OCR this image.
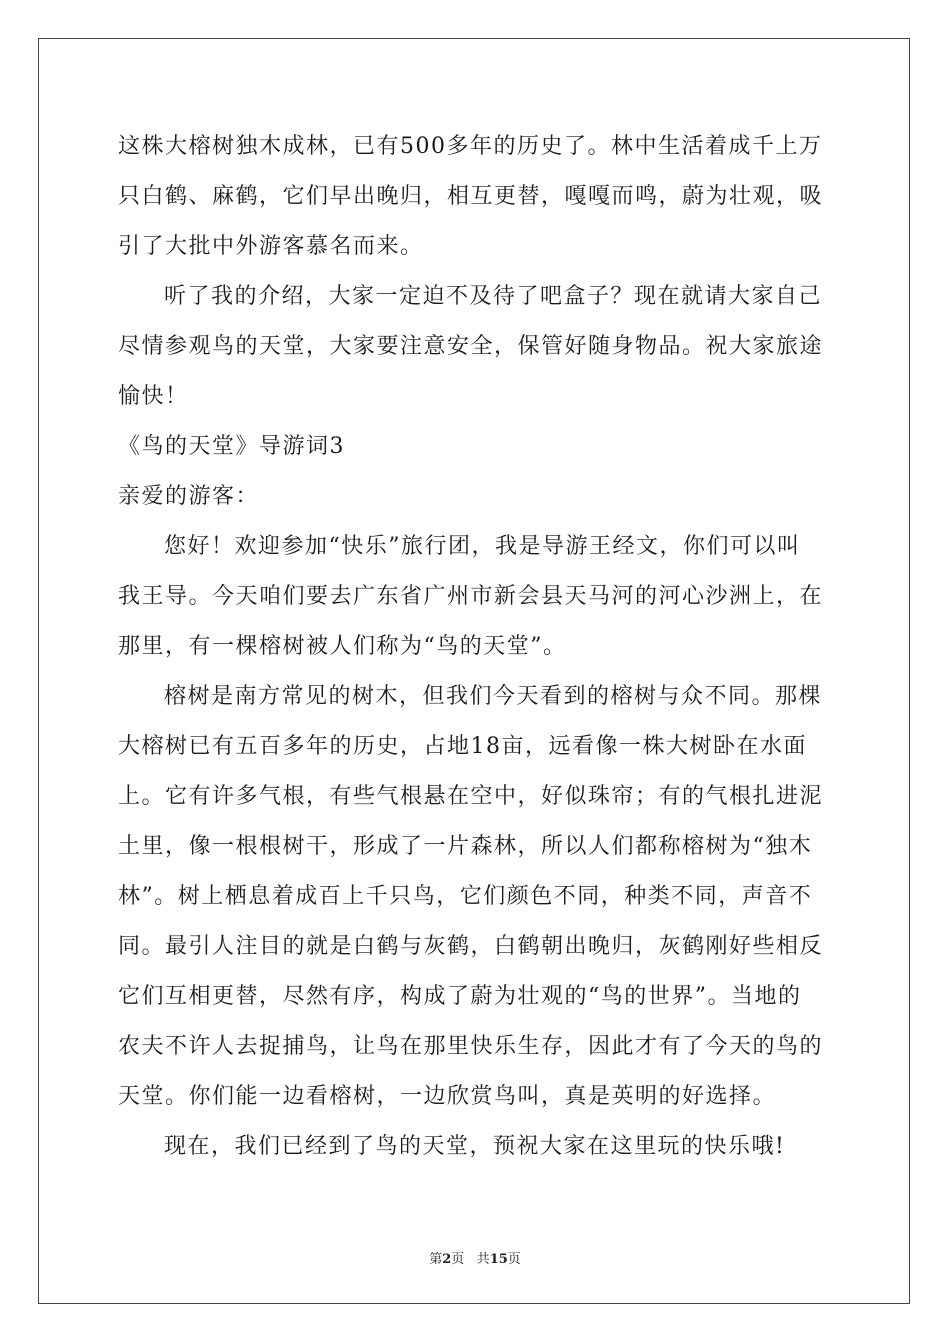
这株大榕树独木成林，已有500多年的历史了。林中生活着成千上万
只白鹤、麻鹤，它们早出晚归，相互更替，嘎嘎而鸣，蔚为壮观，吸
引了大批中外游客慕名而来。
听了我的介绍，大家一定迫不及待了吧盒子？现在就请大家自己
尽情参观鸟的天堂，大家要注意安全，保管好随身物品。祝大家旅途
愉快！
《鸟的天堂》导游词3
亲爱的游客：
您好！欢迎参加“快乐”旅行团，我是导游王经文，你们可以叫
我王导。今天咱们要去广东省广州市新会县天马河的河心沙洲上，在
那里，有一棵榕树被人们称为“鸟的天堂”。
榕树是南方常见的树木，但我们今天看到的榕树与众不同。那棵
大榕树已有五百多年的历史，占地18亩，远看像一株大树卧在水面
上。它有许多气根，有些气根悬在空中，好似珠帘；有的气根扎进泥
土里，像一根根树干，形成了一片森林，所以人们都称榕树为“独木
林”。树上栖息着成百上千只鸟，它们颜色不同，种类不同，声音不
同。最引人注目的就是白鹤与灰鹤，白鹤朝出晚归，灰鹤刚好些相反
它们互相更替，尽然有序，构成了蔚为壮观的“鸟的世界”。当地的
农夫不许人去捉捕鸟，让鸟在那里快乐生存，因此才有了今天的鸟的
天堂。你们能一边看榕树，一边欣赏鸟叫，真是英明的好选择。
现在，我们已经到了鸟的天堂，预祝大家在这里玩的快乐哦!
第2页 共15页
